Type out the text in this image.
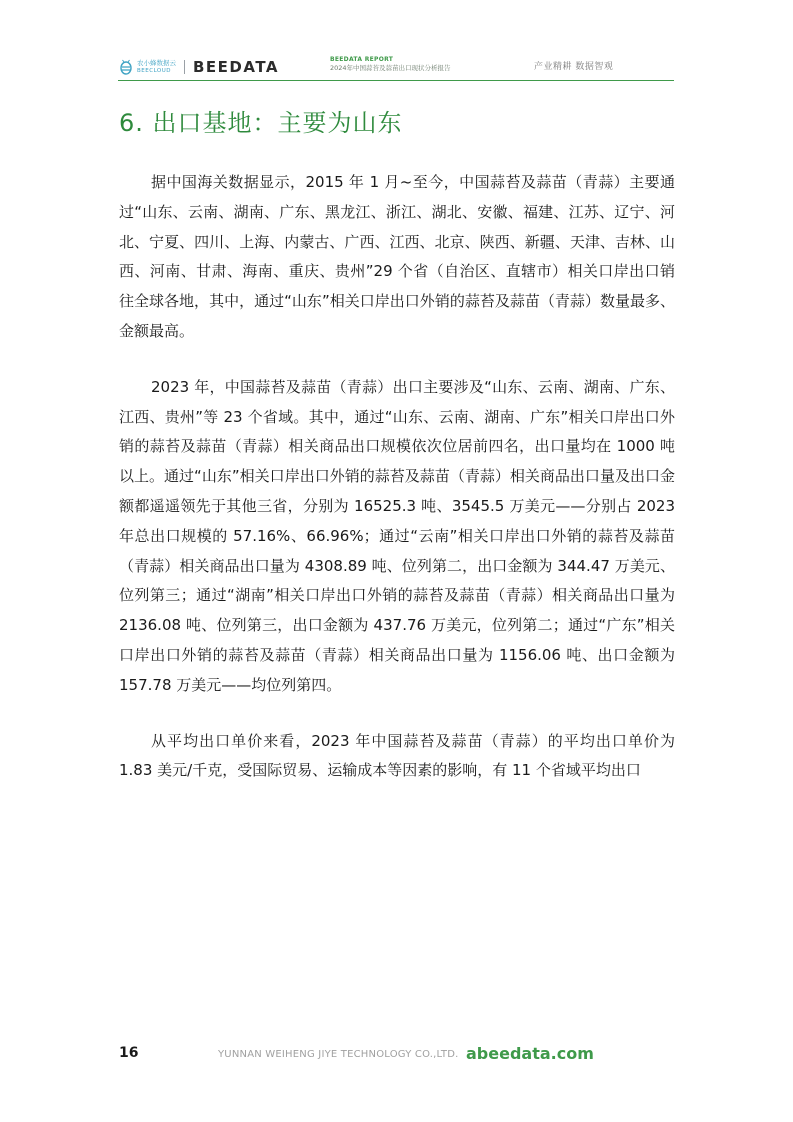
农小蜂数据云
BEECLOUD	BEEDATA	BEEDATA REPORT
2024年中国蒜苔及蒜苗出口现状分析报告	产业精耕 数据智观
6. 出口基地：主要为山东

据中国海关数据显示，2015 年 1 月~至今，中国蒜苔及蒜苗（青蒜）主要通过“山东、云南、湖南、广东、黑龙江、浙江、湖北、安徽、福建、江苏、辽宁、河北、宁夏、四川、上海、内蒙古、广西、江西、北京、陕西、新疆、天津、吉林、山西、河南、甘肃、海南、重庆、贵州”29 个省（自治区、直辖市）相关口岸出口销往全球各地，其中，通过“山东”相关口岸出口外销的蒜苔及蒜苗（青蒜）数量最多、金额最高。

2023 年，中国蒜苔及蒜苗（青蒜）出口主要涉及“山东、云南、湖南、广东、江西、贵州”等 23 个省域。其中，通过“山东、云南、湖南、广东”相关口岸出口外销的蒜苔及蒜苗（青蒜）相关商品出口规模依次位居前四名，出口量均在 1000 吨以上。通过“山东”相关口岸出口外销的蒜苔及蒜苗（青蒜）相关商品出口量及出口金额都遥遥领先于其他三省，分别为 16525.3 吨、3545.5 万美元——分别占 2023 年总出口规模的 57.16%、66.96%；通过“云南”相关口岸出口外销的蒜苔及蒜苗（青蒜）相关商品出口量为 4308.89 吨、位列第二，出口金额为 344.47 万美元、位列第三；通过“湖南”相关口岸出口外销的蒜苔及蒜苗（青蒜）相关商品出口量为 2136.08 吨、位列第三，出口金额为 437.76 万美元，位列第二；通过“广东”相关口岸出口外销的蒜苔及蒜苗（青蒜）相关商品出口量为 1156.06 吨、出口金额为 157.78 万美元——均位列第四。

从平均出口单价来看，2023 年中国蒜苔及蒜苗（青蒜）的平均出口单价为 1.83 美元/千克，受国际贸易、运输成本等因素的影响，有 11 个省域平均出口

16	YUNNAN WEIHENG JIYE TECHNOLOGY CO.,LTD. abeedata.com
